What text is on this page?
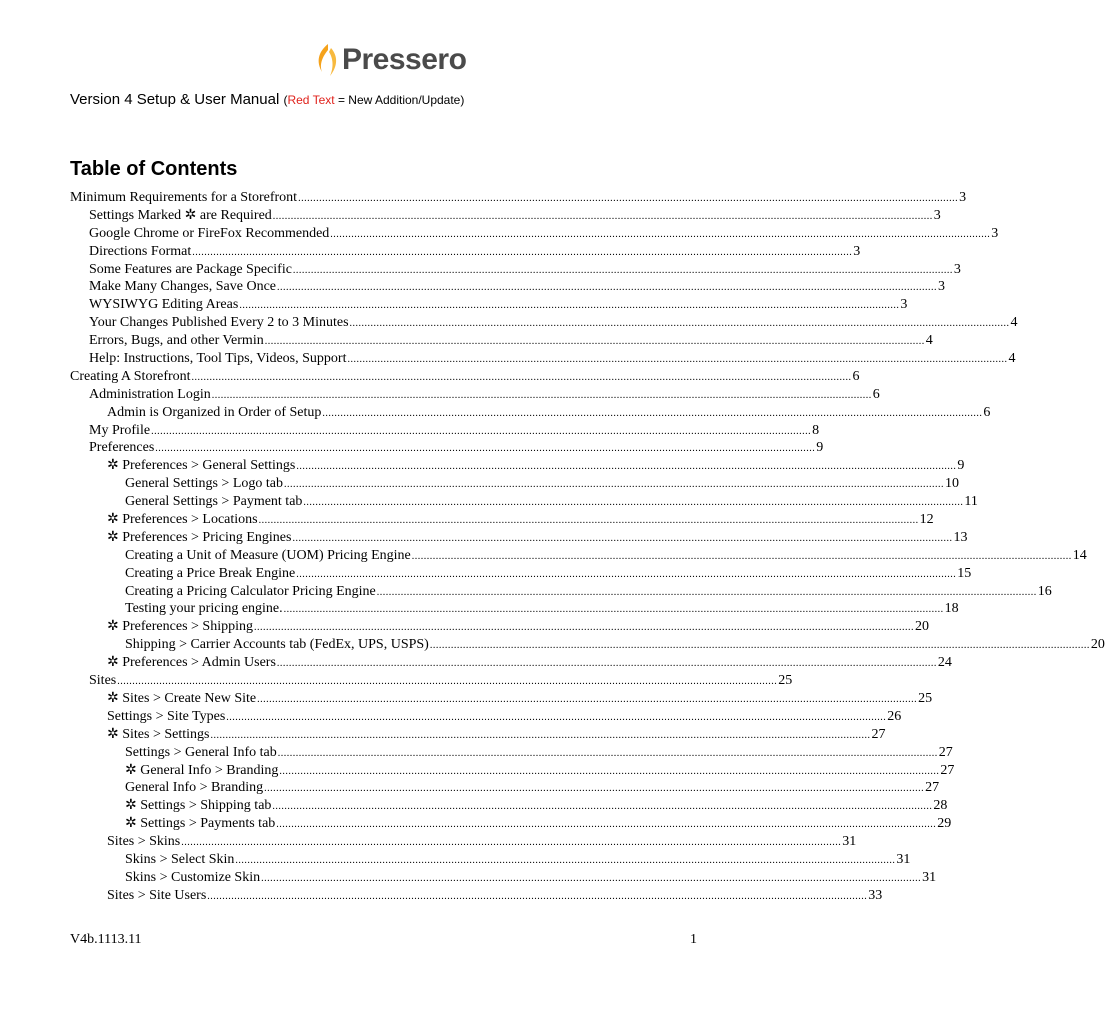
Pressero
Version 4 Setup & User Manual (Red Text = New Addition/Update)
Table of Contents
Minimum Requirements for a Storefront ............................................................................................................................................................................................................................ 3
Settings Marked ✲ are Required ............................................................................................................................................................................................................................ 3
Google Chrome or FireFox Recommended ............................................................................................................................................................................................................................ 3
Directions Format ............................................................................................................................................................................................................................ 3
Some Features are Package Specific ............................................................................................................................................................................................................................ 3
Make Many Changes, Save Once ............................................................................................................................................................................................................................ 3
WYSIWYG Editing Areas ............................................................................................................................................................................................................................ 3
Your Changes Published Every 2 to 3 Minutes ............................................................................................................................................................................................................................ 4
Errors, Bugs, and other Vermin ............................................................................................................................................................................................................................ 4
Help: Instructions, Tool Tips, Videos, Support ............................................................................................................................................................................................................................ 4
Creating A Storefront ............................................................................................................................................................................................................................ 6
Administration Login ............................................................................................................................................................................................................................ 6
Admin is Organized in Order of Setup ............................................................................................................................................................................................................................ 6
My Profile ............................................................................................................................................................................................................................ 8
Preferences ............................................................................................................................................................................................................................ 9
✲ Preferences > General Settings ............................................................................................................................................................................................................................ 9
General Settings > Logo tab ............................................................................................................................................................................................................................ 10
General Settings > Payment tab ............................................................................................................................................................................................................................ 11
✲ Preferences > Locations ............................................................................................................................................................................................................................ 12
✲ Preferences > Pricing Engines ............................................................................................................................................................................................................................ 13
Creating a Unit of Measure (UOM) Pricing Engine ............................................................................................................................................................................................................................ 14
Creating a Price Break Engine ............................................................................................................................................................................................................................ 15
Creating a Pricing Calculator Pricing Engine ............................................................................................................................................................................................................................ 16
Testing your pricing engine. ............................................................................................................................................................................................................................ 18
✲ Preferences > Shipping ............................................................................................................................................................................................................................ 20
Shipping > Carrier Accounts tab (FedEx, UPS, USPS) ............................................................................................................................................................................................................................ 20
✲ Preferences > Admin Users ............................................................................................................................................................................................................................ 24
Sites ............................................................................................................................................................................................................................ 25
✲ Sites > Create New Site ............................................................................................................................................................................................................................ 25
Settings > Site Types ............................................................................................................................................................................................................................ 26
✲ Sites > Settings ............................................................................................................................................................................................................................ 27
Settings > General Info tab ............................................................................................................................................................................................................................ 27
✲ General Info > Branding ............................................................................................................................................................................................................................ 27
General Info > Branding ............................................................................................................................................................................................................................ 27
✲ Settings > Shipping tab ............................................................................................................................................................................................................................ 28
✲ Settings > Payments tab ............................................................................................................................................................................................................................ 29
Sites > Skins ............................................................................................................................................................................................................................ 31
Skins > Select Skin ............................................................................................................................................................................................................................ 31
Skins > Customize Skin ............................................................................................................................................................................................................................ 31
Sites > Site Users ............................................................................................................................................................................................................................ 33
V4b.1113.11	1
